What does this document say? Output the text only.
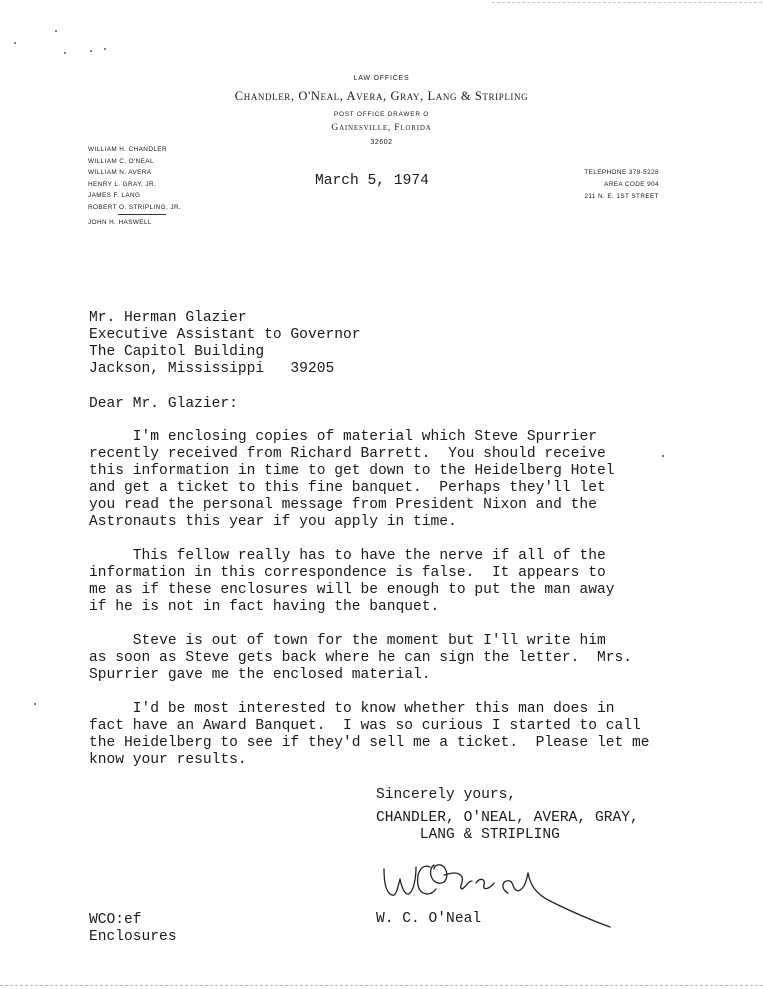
LAW OFFICES
Chandler, O'Neal, Avera, Gray, Lang & Stripling
POST OFFICE DRAWER O
Gainesville, Florida
32602
WILLIAM H. CHANDLER
WILLIAM C. O'NEAL
WILLIAM N. AVERA
HENRY L. GRAY, JR.
JAMES F. LANG
ROBERT O. STRIPLING, JR.
JOHN H. HASWELL
March 5, 1974
TELEPHONE 378-5228
AREA CODE 904
211 N. E. 1ST STREET
Mr. Herman Glazier
Executive Assistant to Governor
The Capitol Building
Jackson, Mississippi   39205
Dear Mr. Glazier:
I'm enclosing copies of material which Steve Spurrier
recently received from Richard Barrett.  You should receive
this information in time to get down to the Heidelberg Hotel
and get a ticket to this fine banquet.  Perhaps they'll let
you read the personal message from President Nixon and the
Astronauts this year if you apply in time.
This fellow really has to have the nerve if all of the
information in this correspondence is false.  It appears to
me as if these enclosures will be enough to put the man away
if he is not in fact having the banquet.
Steve is out of town for the moment but I'll write him
as soon as Steve gets back where he can sign the letter.  Mrs.
Spurrier gave me the enclosed material.
I'd be most interested to know whether this man does in
fact have an Award Banquet.  I was so curious I started to call
the Heidelberg to see if they'd sell me a ticket.  Please let me
know your results.
Sincerely yours,
CHANDLER, O'NEAL, AVERA, GRAY,
LANG & STRIPLING
W. C. O'Neal
WCO:ef
Enclosures
